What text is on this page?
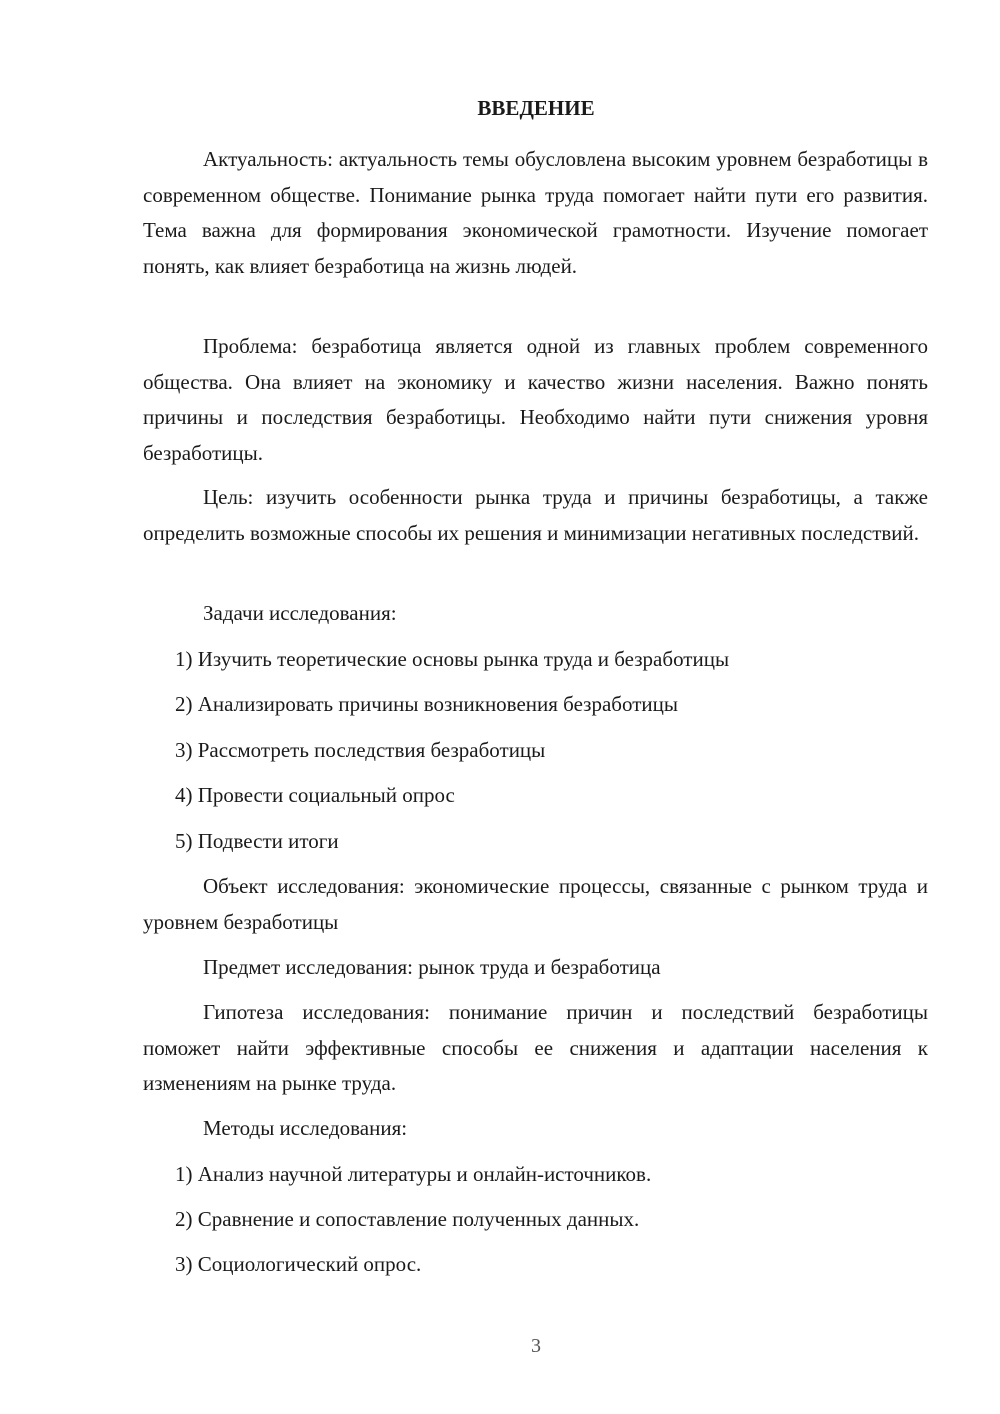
ВВЕДЕНИЕ

Актуальность: актуальность темы обусловлена высоким уровнем безработицы в современном обществе. Понимание рынка труда помогает найти пути его развития. Тема важна для формирования экономической грамотности. Изучение помогает понять, как влияет безработица на жизнь людей.

Проблема: безработица является одной из главных проблем современного общества. Она влияет на экономику и качество жизни населения. Важно понять причины и последствия безработицы. Необходимо найти пути снижения уровня безработицы.

Цель: изучить особенности рынка труда и причины безработицы, а также определить возможные способы их решения и минимизации негативных последствий.

Задачи исследования:
1) Изучить теоретические основы рынка труда и безработицы
2) Анализировать причины возникновения безработицы
3) Рассмотреть последствия безработицы
4) Провести социальный опрос
5) Подвести итоги

Объект исследования: экономические процессы, связанные с рынком труда и уровнем безработицы

Предмет исследования: рынок труда и безработица

Гипотеза исследования: понимание причин и последствий безработицы поможет найти эффективные способы ее снижения и адаптации населения к изменениям на рынке труда.

Методы исследования:
1) Анализ научной литературы и онлайн-источников.
2) Сравнение и сопоставление полученных данных.
3) Социологический опрос.
3
